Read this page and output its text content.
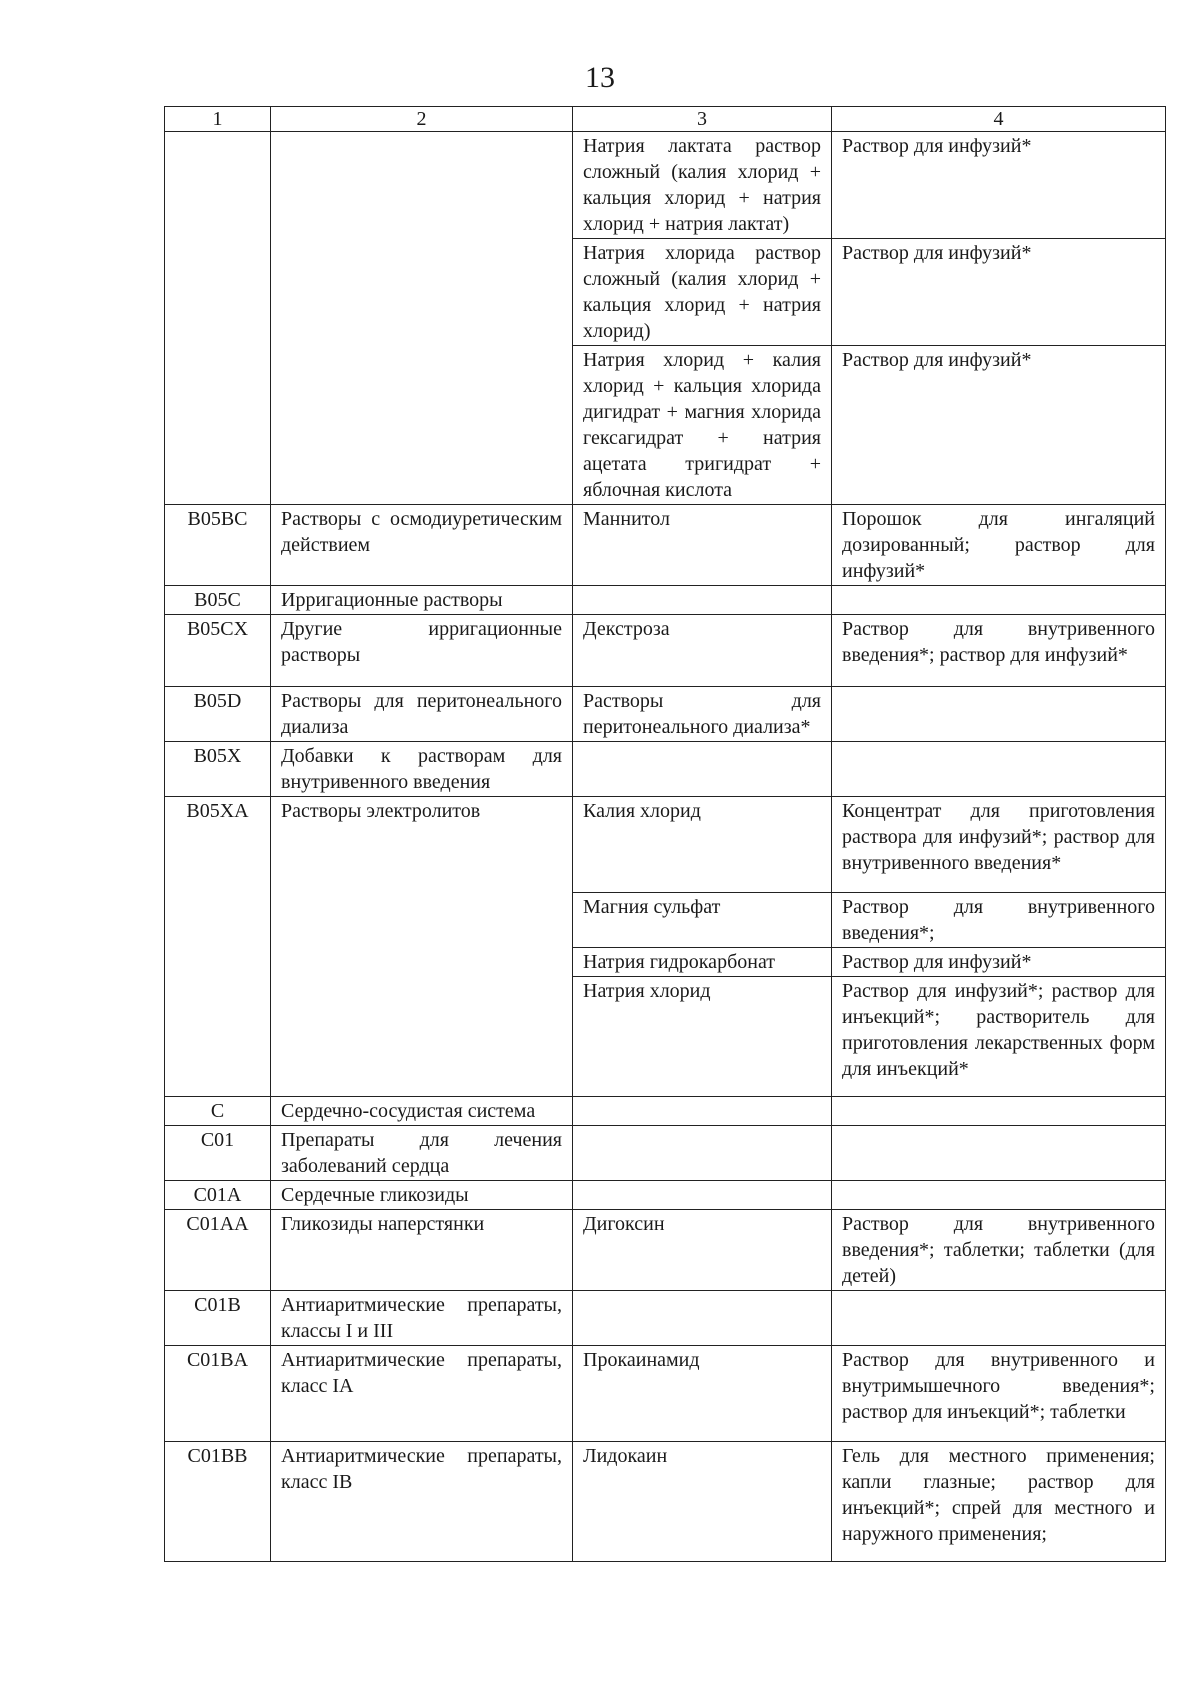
13
1	2	3	4
		Натрия лактата раствор сложный (калия хлорид + кальция хлорид + натрия хлорид + натрия лактат)	Раствор для инфузий*
		Натрия хлорида раствор сложный (калия хлорид + кальция хлорид + натрия хлорид)	Раствор для инфузий*
		Натрия хлорид + калия хлорид + кальция хлорида дигидрат + магния хлорида гексагидрат + натрия ацетата тригидрат + яблочная кислота	Раствор для инфузий*
B05BC	Растворы с осмодиуретическим действием	Маннитол	Порошок для ингаляций дозированный; раствор для инфузий*
B05C	Ирригационные растворы		
B05CX	Другие ирригационные растворы	Декстроза	Раствор для внутривенного введения*; раствор для инфузий*
B05D	Растворы для перитонеального диализа	Растворы для перитонеального диализа*	
B05X	Добавки к растворам для внутривенного введения		
B05XA	Растворы электролитов	Калия хлорид	Концентрат для приготовления раствора для инфузий*; раствор для внутривенного введения*
		Магния сульфат	Раствор для внутривенного введения*;
		Натрия гидрокарбонат	Раствор для инфузий*
		Натрия хлорид	Раствор для инфузий*; раствор для инъекций*; растворитель для приготовления лекарственных форм для инъекций*
C	Сердечно-сосудистая система		
C01	Препараты для лечения заболеваний сердца		
C01A	Сердечные гликозиды		
C01AA	Гликозиды наперстянки	Дигоксин	Раствор для внутривенного введения*; таблетки; таблетки (для детей)
C01B	Антиаритмические препараты, классы I и III		
C01BA	Антиаритмические препараты, класс IA	Прокаинамид	Раствор для внутривенного и внутримышечного введения*; раствор для инъекций*; таблетки
C01BB	Антиаритмические препараты, класс IB	Лидокаин	Гель для местного применения; капли глазные; раствор для инъекций*; спрей для местного и наружного применения;
